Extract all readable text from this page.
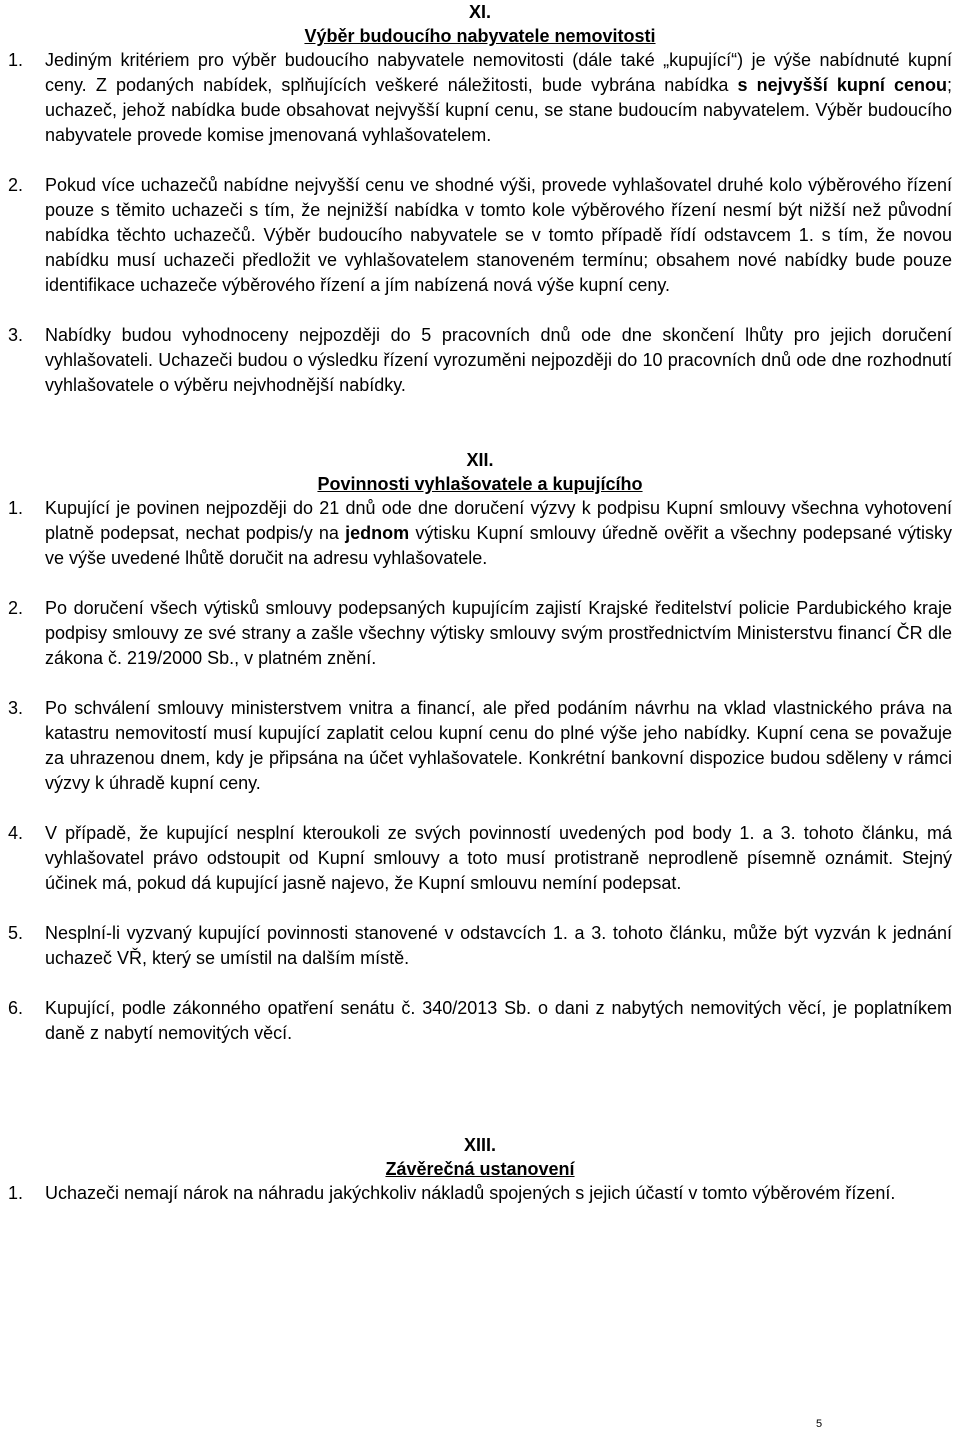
XI.
Výběr budoucího nabyvatele nemovitosti
1.	Jediným kritériem pro výběr budoucího nabyvatele nemovitosti (dále také „kupující“) je výše nabídnuté kupní ceny. Z podaných nabídek, splňujících veškeré náležitosti, bude vybrána nabídka s nejvyšší kupní cenou; uchazeč, jehož nabídka bude obsahovat nejvyšší kupní cenu, se stane budoucím nabyvatelem. Výběr budoucího nabyvatele provede komise jmenovaná vyhlašovatelem.
2.	Pokud více uchazečů nabídne nejvyšší cenu ve shodné výši, provede vyhlašovatel druhé kolo výběrového řízení pouze s těmito uchazeči s tím, že nejnižší nabídka v tomto kole výběrového řízení nesmí být nižší než původní nabídka těchto uchazečů. Výběr budoucího nabyvatele se v tomto případě řídí odstavcem 1. s tím, že novou nabídku musí uchazeči předložit ve vyhlašovatelem stanoveném termínu; obsahem nové nabídky bude pouze identifikace uchazeče výběrového řízení a jím nabízená nová výše kupní ceny.
3.	Nabídky budou vyhodnoceny nejpozději do 5 pracovních dnů ode dne skončení lhůty pro jejich doručení vyhlašovateli. Uchazeči budou o výsledku řízení vyrozuměni nejpozději do 10 pracovních dnů ode dne rozhodnutí vyhlašovatele o výběru nejvhodnější nabídky.
XII.
Povinnosti vyhlašovatele a kupujícího
1.	Kupující je povinen nejpozději do 21 dnů ode dne doručení výzvy k podpisu Kupní smlouvy všechna vyhotovení platně podepsat, nechat podpis/y na jednom výtisku Kupní smlouvy úředně ověřit a všechny podepsané výtisky ve výše uvedené lhůtě doručit na adresu vyhlašovatele.
2.	Po doručení všech výtisků smlouvy podepsaných kupujícím zajistí Krajské ředitelství policie Pardubického kraje podpisy smlouvy ze své strany a zašle všechny výtisky smlouvy svým prostřednictvím Ministerstvu financí ČR dle zákona č. 219/2000 Sb., v platném znění.
3.	Po schválení smlouvy ministerstvem vnitra a financí, ale před podáním návrhu na vklad vlastnického práva na katastru nemovitostí musí kupující zaplatit celou kupní cenu do plné výše jeho nabídky. Kupní cena se považuje za uhrazenou dnem, kdy je připsána na účet vyhlašovatele. Konkrétní bankovní dispozice budou sděleny v rámci výzvy k úhradě kupní ceny.
4.	V případě, že kupující nesplní kteroukoli ze svých povinností uvedených pod body 1. a 3. tohoto článku, má vyhlašovatel právo odstoupit od Kupní smlouvy a toto musí protistraně neprodleně písemně oznámit. Stejný účinek má, pokud dá kupující jasně najevo, že Kupní smlouvu nemíní podepsat.
5.	Nesplní-li vyzvaný kupující povinnosti stanovené v odstavcích 1. a 3. tohoto článku, může být vyzván k jednání uchazeč VŘ, který se umístil na dalším místě.
6.	Kupující, podle zákonného opatření senátu č. 340/2013 Sb. o dani z nabytých nemovitých věcí, je poplatníkem daně z nabytí nemovitých věcí.
XIII.
Závěrečná ustanovení
1.	Uchazeči nemají nárok na náhradu jakýchkoliv nákladů spojených s jejich účastí v tomto výběrovém řízení.
5
